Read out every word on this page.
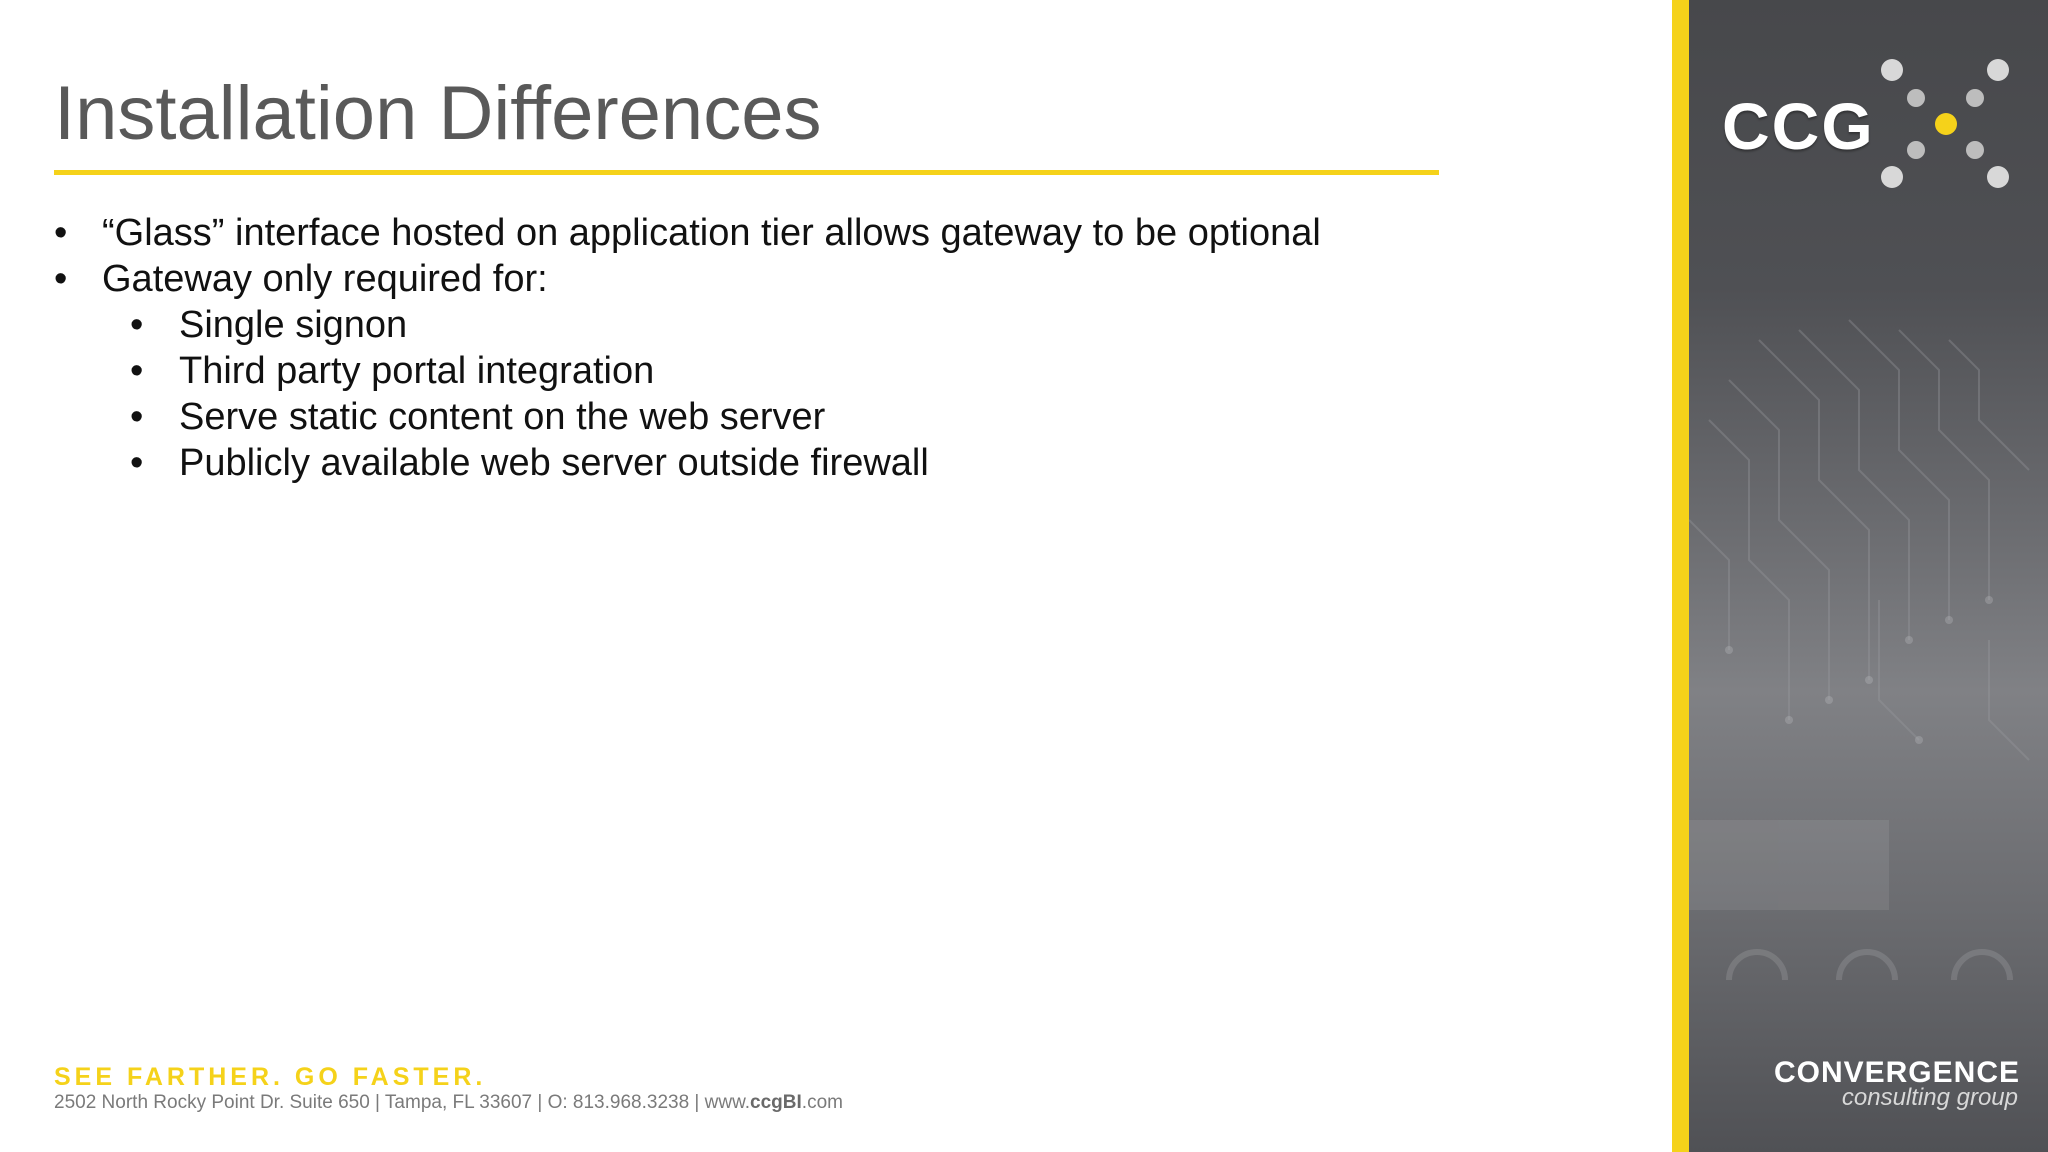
Installation Differences
• “Glass” interface hosted on application tier allows gateway to be optional
• Gateway only required for:
• Single signon
• Third party portal integration
• Serve static content on the web server
• Publicly available web server outside firewall
SEE FARTHER. GO FASTER.
2502 North Rocky Point Dr. Suite 650 | Tampa, FL 33607 | O: 813.968.3238 | www.ccgBI.com
CCG
CONVERGENCE
consulting group
